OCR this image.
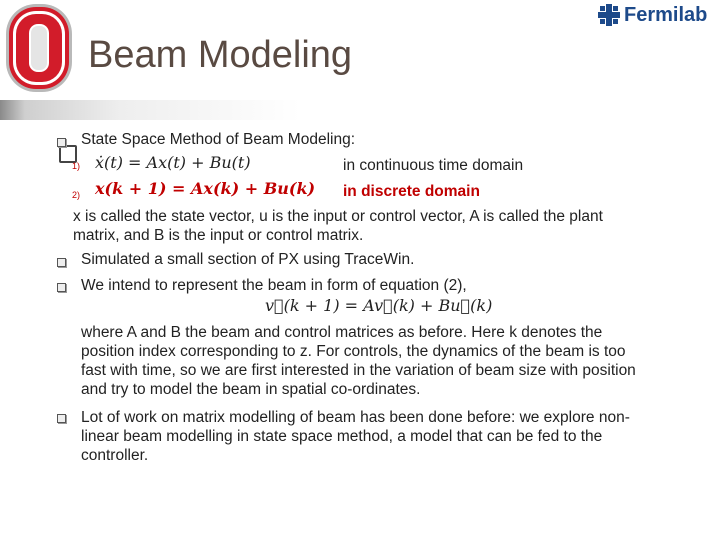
Beam Modeling
Fermilab
State Space Method of Beam Modeling:
1) ẋ(t) = Ax(t) + Bu(t)	in continuous time domain
2) x(k + 1) = Ax(k) + Bu(k) in discrete domain
x is called the state vector, u is the input or control vector, A is called the plant
matrix, and B is the input or control matrix.
Simulated a small section of PX using TraceWin.
We intend to represent the beam in form of equation (2),
v⃗(k + 1) = Av⃗(k) + Bu⃗(k)
where A and B the beam and control matrices as before. Here k denotes the
position index corresponding to z. For controls, the dynamics of the beam is too
fast with time, so we are first interested in the variation of beam size with position
and try to model the beam in spatial co-ordinates.
Lot of work on matrix modelling of beam has been done before: we explore non-
linear beam modelling in state space method, a model that can be fed to the
controller.
